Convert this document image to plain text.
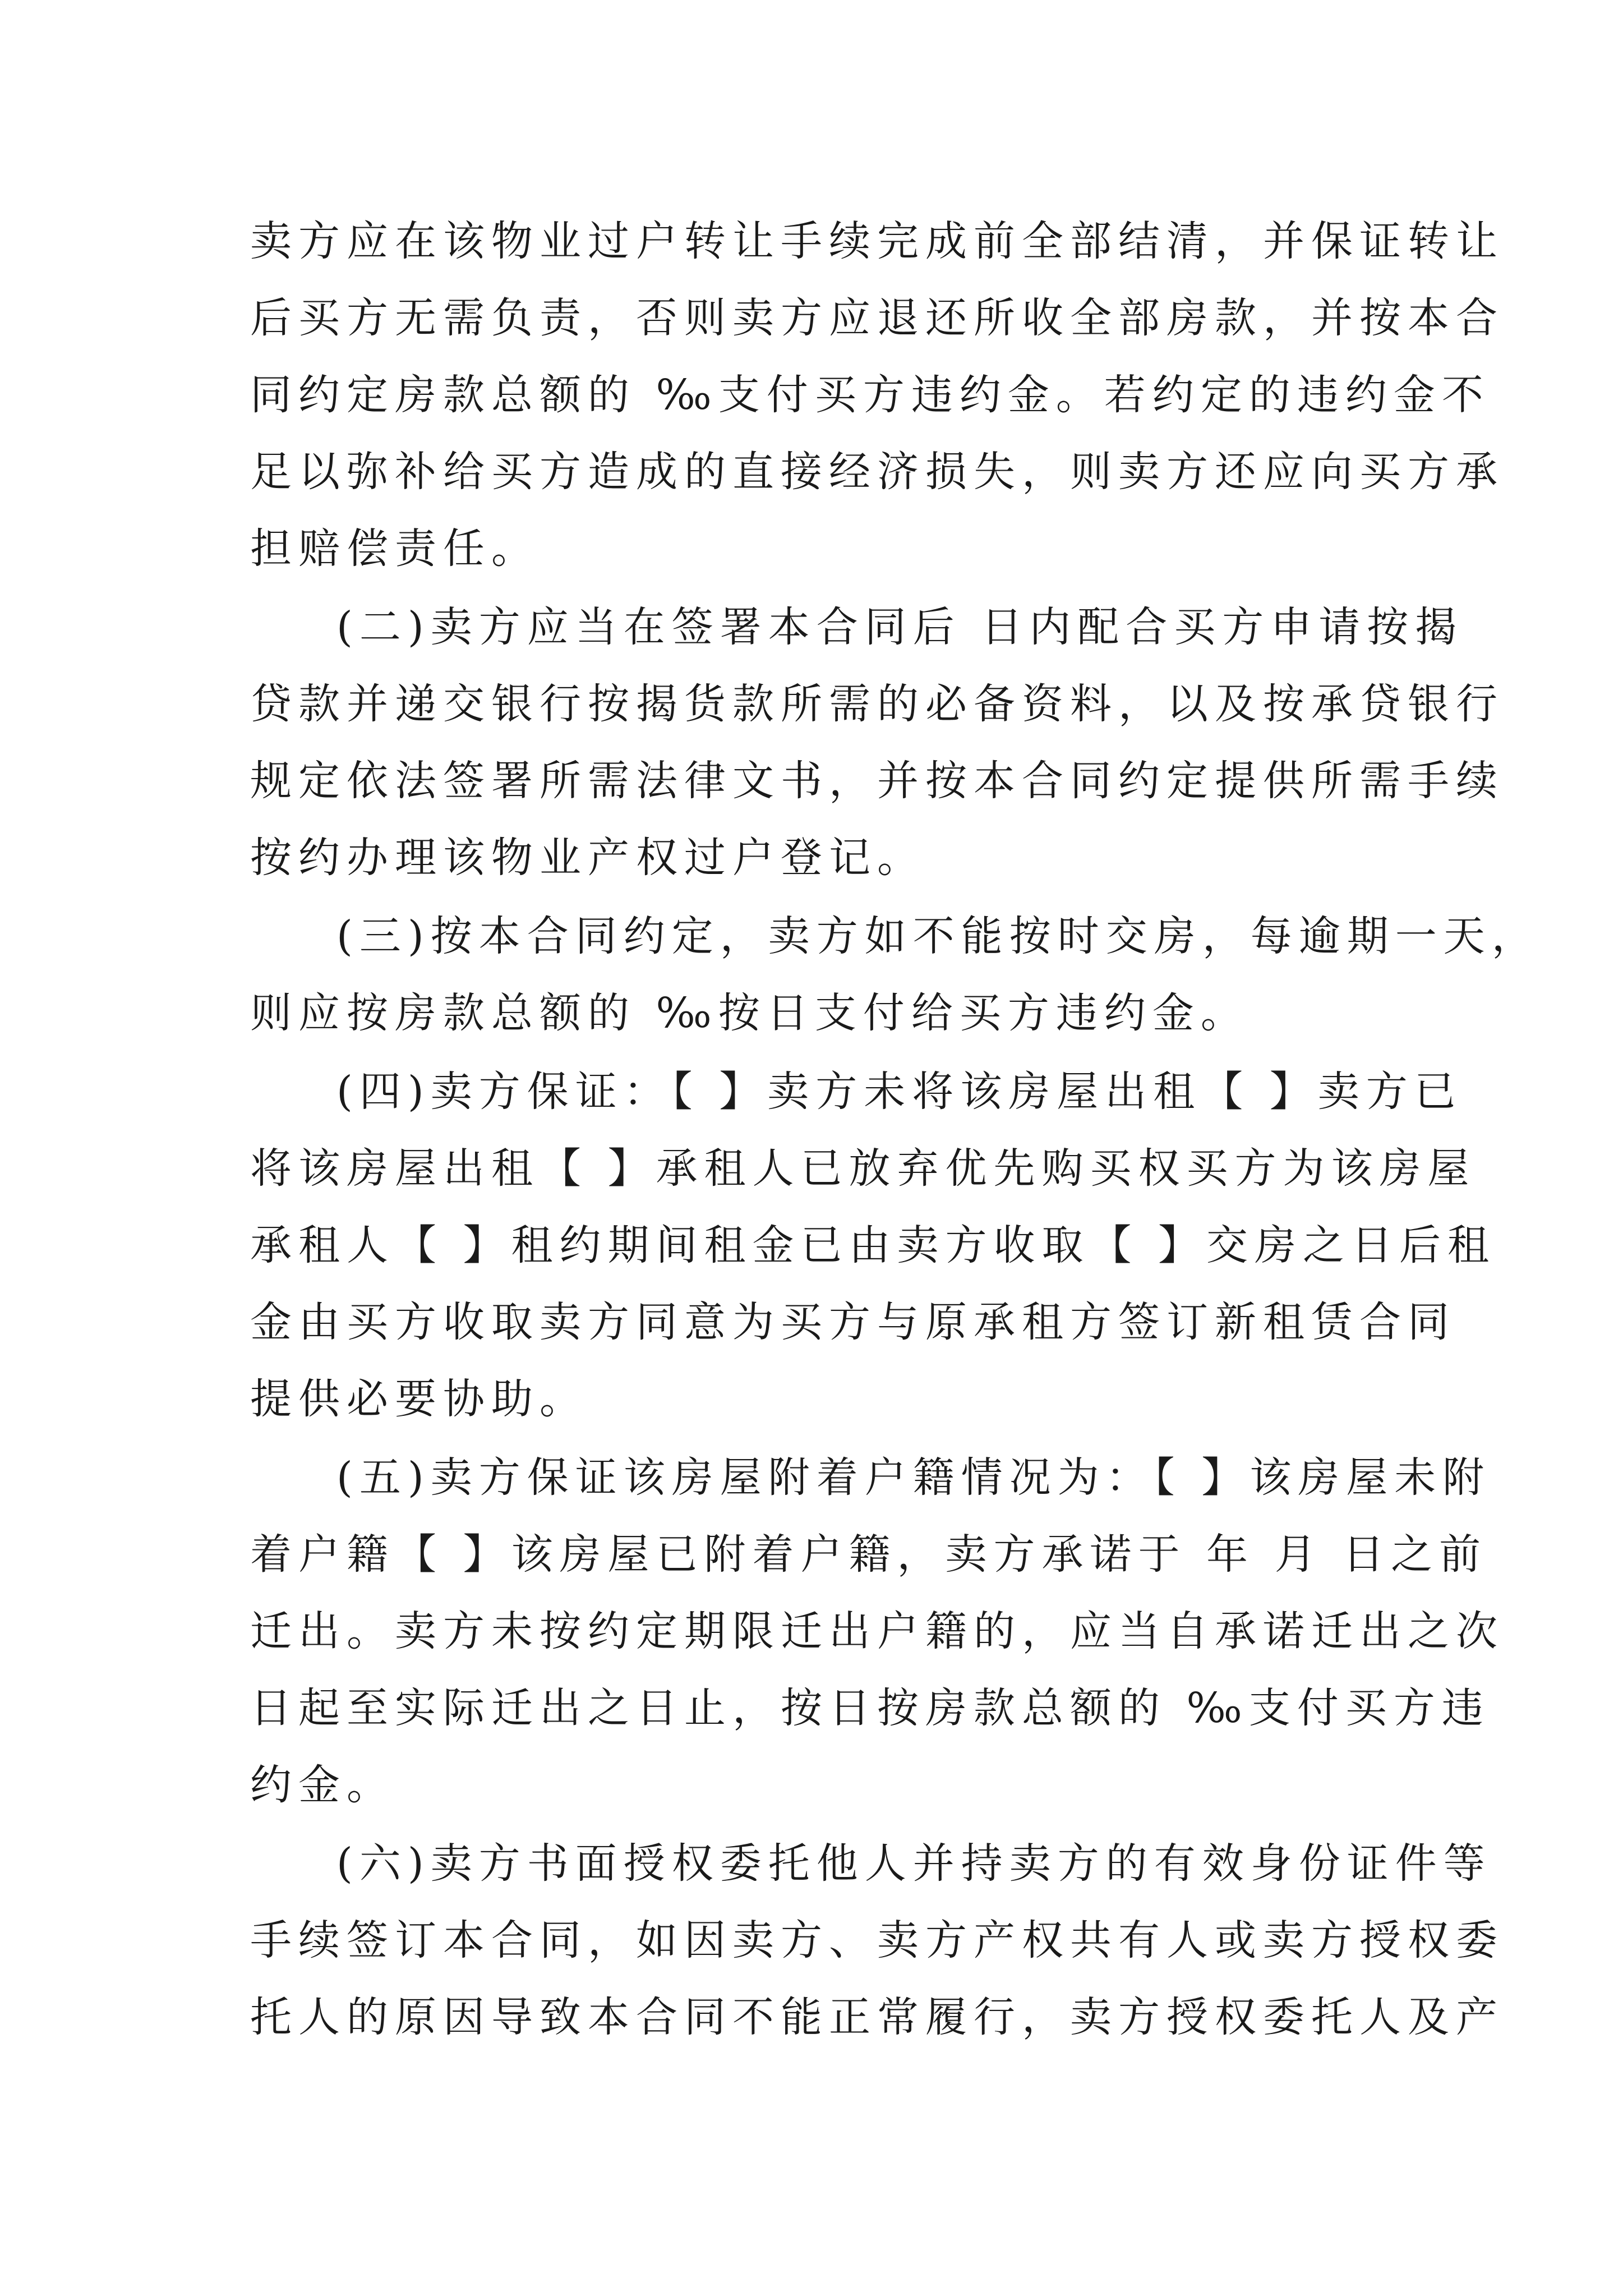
卖方应在该物业过户转让手续完成前全部结清，并保证转让
后买方无需负责，否则卖方应退还所收全部房款，并按本合
同约定房款总额的 ‰支付买方违约金。若约定的违约金不
足以弥补给买方造成的直接经济损失，则卖方还应向买方承
担赔偿责任。
(二)卖方应当在签署本合同后 日内配合买方申请按揭
贷款并递交银行按揭货款所需的必备资料，以及按承贷银行
规定依法签署所需法律文书，并按本合同约定提供所需手续
按约办理该物业产权过户登记。
(三)按本合同约定，卖方如不能按时交房，每逾期一天，
则应按房款总额的 ‰按日支付给买方违约金。
(四)卖方保证：【 】卖方未将该房屋出租【 】卖方已
将该房屋出租【 】承租人已放弃优先购买权买方为该房屋
承租人【 】租约期间租金已由卖方收取【 】交房之日后租
金由买方收取卖方同意为买方与原承租方签订新租赁合同
提供必要协助。
(五)卖方保证该房屋附着户籍情况为：【 】该房屋未附
着户籍【 】该房屋已附着户籍，卖方承诺于 年 月 日之前
迁出。卖方未按约定期限迁出户籍的，应当自承诺迁出之次
日起至实际迁出之日止，按日按房款总额的 ‰支付买方违
约金。
(六)卖方书面授权委托他人并持卖方的有效身份证件等
手续签订本合同，如因卖方、卖方产权共有人或卖方授权委
托人的原因导致本合同不能正常履行，卖方授权委托人及产
